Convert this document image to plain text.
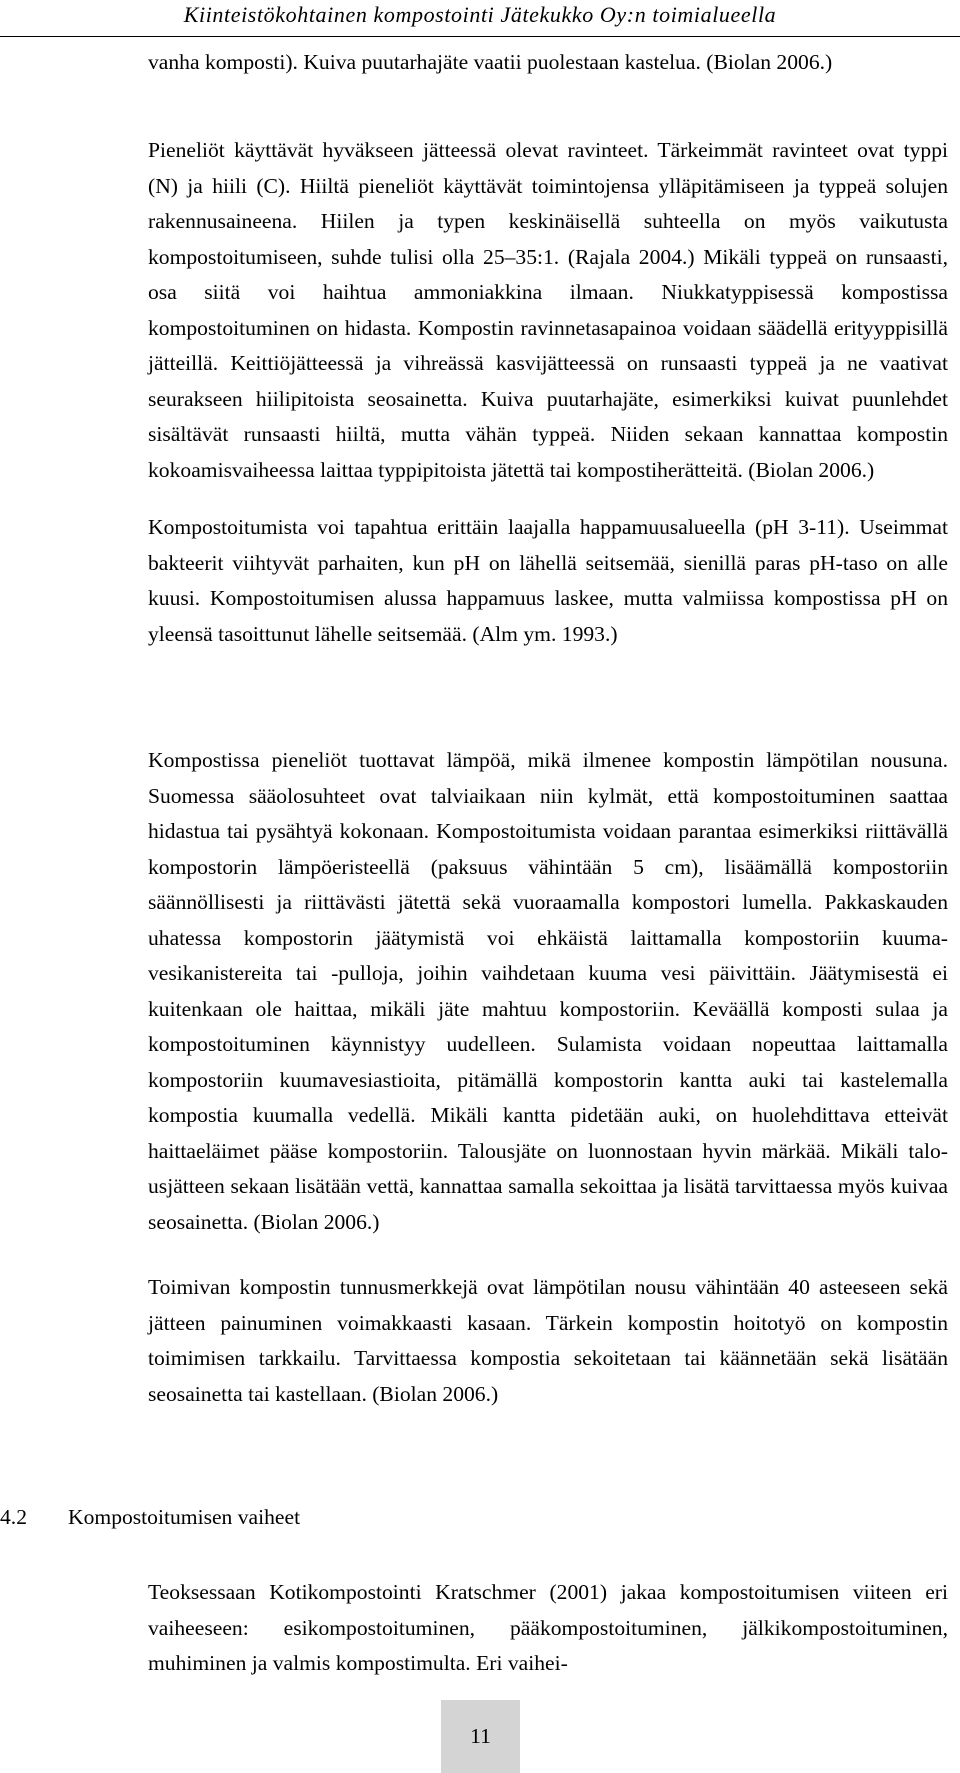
Kiinteistökohtainen kompostointi Jätekukko Oy:n toimialueella

vanha komposti). Kuiva puutarhajäte vaatii puolestaan kastelua. (Biolan 2006.)

Pieneliöt käyttävät hyväkseen jätteessä olevat ravinteet. Tärkeimmät ravinteet ovat typpi (N) ja hiili (C). Hiiltä pieneliöt käyttävät toimintojensa ylläpitämiseen ja typpeä solujen rakennusaineena. Hiilen ja typen keskinäisellä suhteella on myös vaikutusta kompostoitumiseen, suhde tulisi olla 25–35:1. (Rajala 2004.) Mikäli typpeä on runsaasti, osa siitä voi haihtua ammoniakkina ilmaan. Niukkatyppisessä kompostissa kompostoituminen on hidasta. Kompostin ravinnetasapainoa voidaan säädellä erityyppisillä jätteillä. Keittiöjätteessä ja vihreässä kasvijätteessä on runsaasti typpeä ja ne vaativat seurakseen hiilipitoista seosainetta. Kuiva puutarhajäte, esimerkiksi kuivat puunlehdet sisältävät runsaasti hiiltä, mutta vähän typpeä. Niiden sekaan kannattaa kompostin kokoamisvaiheessa laittaa typpipitoista jätettä tai kompostiherätteitä. (Biolan 2006.)

Kompostoitumista voi tapahtua erittäin laajalla happamuusalueella (pH 3-11). Useimmat bakteerit viihtyvät parhaiten, kun pH on lähellä seitsemää, sienillä paras pH-taso on alle kuusi. Kompostoitumisen alussa happamuus laskee, mutta valmiissa kompostissa pH on yleensä tasoittunut lähelle seitsemää. (Alm ym. 1993.)

Kompostissa pieneliöt tuottavat lämpöä, mikä ilmenee kompostin lämpötilan nousuna. Suomessa sääolosuhteet ovat talviaikaan niin kylmät, että kompostoituminen saattaa hidastua tai pysähtyä kokonaan. Kompostoitumista voidaan parantaa esimerkiksi riittävällä kompostorin lämpöeristeellä (paksuus vähintään 5 cm), lisäämällä kompostoriin säännöllisesti ja riittävästi jätettä sekä vuoraamalla kompostori lumella. Pakkaskauden uhatessa kompostorin jäätymistä voi ehkäistä laittamalla kompostoriin kuumavesikanistereita tai -pulloja, joihin vaihdetaan kuuma vesi päivittäin. Jäätymisestä ei kuitenkaan ole haittaa, mikäli jäte mahtuu kompostoriin. Keväällä komposti sulaa ja kompostoituminen käynnistyy uudelleen. Sulamista voidaan nopeuttaa laittamalla kompostoriin kuumavesiastioita, pitämällä kompostorin kantta auki tai kastelemalla kompostia kuumalla vedellä. Mikäli kantta pidetään auki, on huolehdittava etteivät haittaeläimet pääse kompostoriin. Talousjäte on luonnostaan hyvin märkää. Mikäli talousjätteen sekaan lisätään vettä, kannattaa samalla sekoittaa ja lisätä tarvittaessa myös kuivaa seosainetta. (Biolan 2006.)

Toimivan kompostin tunnusmerkkejä ovat lämpötilan nousu vähintään 40 asteeseen sekä jätteen painuminen voimakkaasti kasaan. Tärkein kompostin hoitotyö on kompostin toimimisen tarkkailu. Tarvittaessa kompostia sekoitetaan tai käännetään sekä lisätään seosainetta tai kastellaan. (Biolan 2006.)

4.2 Kompostoitumisen vaiheet

Teoksessaan Kotikompostointi Kratschmer (2001) jakaa kompostoitumisen viiteen eri vaiheeseen: esikompostoituminen, pääkompostoituminen, jälkikompostoituminen, muhiminen ja valmis kompostimulta. Eri vaihei-

11
